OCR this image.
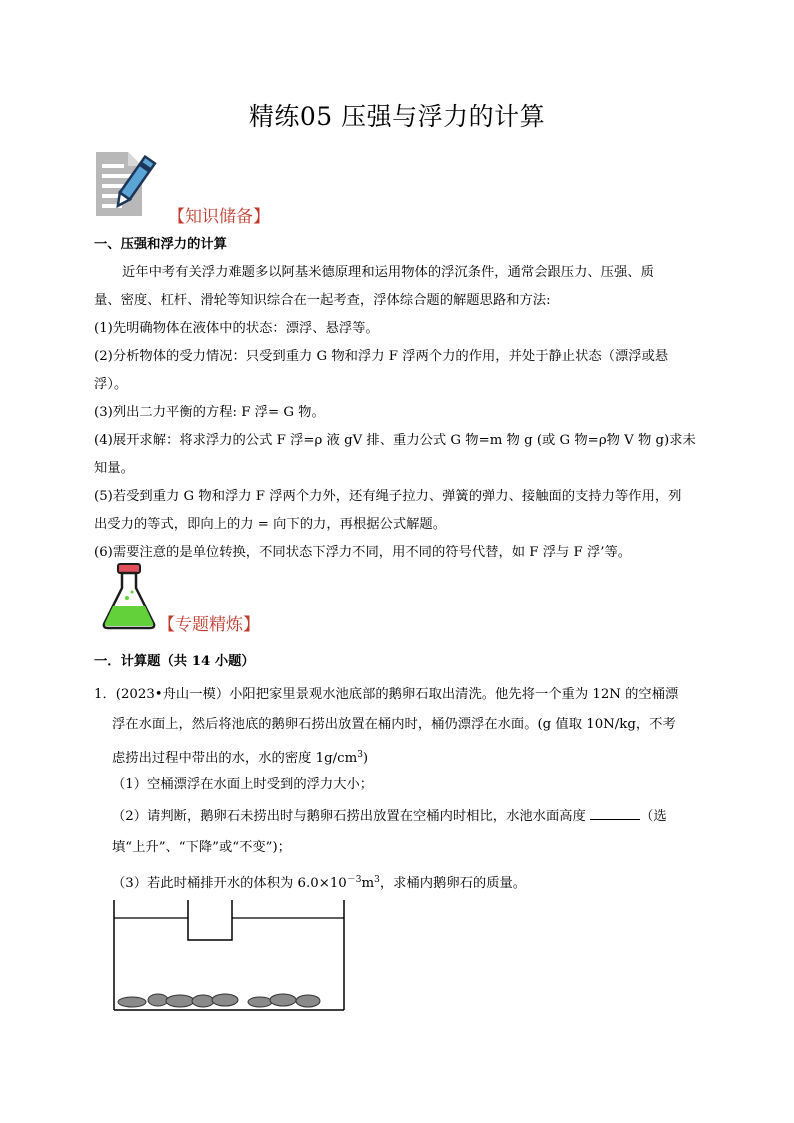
精练05 压强与浮力的计算
【知识储备】
一、压强和浮力的计算
近年中考有关浮力难题多以阿基米德原理和运用物体的浮沉条件，通常会跟压力、压强、质
量、密度、杠杆、滑轮等知识综合在一起考查，浮体综合题的解题思路和方法:
(1)先明确物体在液体中的状态：漂浮、悬浮等。
(2)分析物体的受力情况：只受到重力 G 物和浮力 F 浮两个力的作用，并处于静止状态（漂浮或悬
浮）。
(3)列出二力平衡的方程: F 浮= G 物。
(4)展开求解：将求浮力的公式 F 浮=ρ 液 gV 排、重力公式 G 物=m 物 g (或 G 物=ρ物 V 物 g)求未
知量。
(5)若受到重力 G 物和浮力 F 浮两个力外，还有绳子拉力、弹簧的弹力、接触面的支持力等作用，列
出受力的等式，即向上的力 = 向下的力，再根据公式解题。
(6)需要注意的是单位转换，不同状态下浮力不同，用不同的符号代替，如 F 浮与 F 浮’等。
【专题精炼】
一．计算题（共 14 小题）
1．(2023•舟山一模）小阳把家里景观水池底部的鹅卵石取出清洗。他先将一个重为 12N 的空桶漂
浮在水面上，然后将池底的鹅卵石捞出放置在桶内时，桶仍漂浮在水面。(g 值取 10N/kg，不考
虑捞出过程中带出的水，水的密度 $1g/cm^3$)
（1）空桶漂浮在水面上时受到的浮力大小；
（2）请判断，鹅卵石未捞出时与鹅卵石捞出放置在空桶内时相比，水池水面高度	（选
填“上升”、“下降”或“不变”)；
（3）若此时桶排开水的体积为 $6.0\times 10^{-3}m^3$，求桶内鹅卵石的质量。
